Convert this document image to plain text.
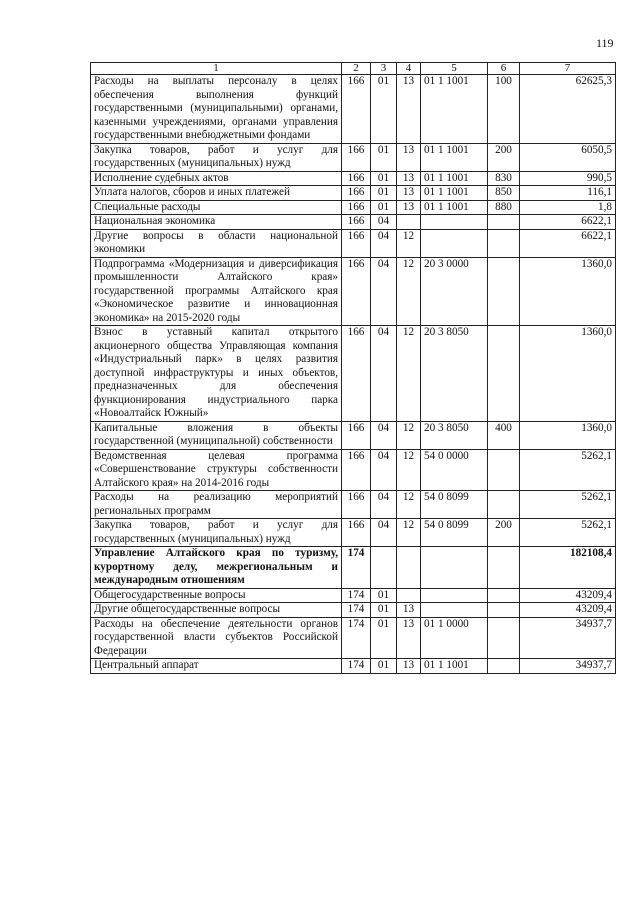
119
1	2	3	4	5	6	7
Расходы на выплаты персоналу в целях обеспечения выполнения функций государственными (муниципальными) органами, казенными учреждениями, органами управления государственными внебюджетными фондами	166	01	13	01 1 1001	100	62625,3
Закупка товаров, работ и услуг для государственных (муниципальных) нужд	166	01	13	01 1 1001	200	6050,5
Исполнение судебных актов	166	01	13	01 1 1001	830	990,5
Уплата налогов, сборов и иных платежей	166	01	13	01 1 1001	850	116,1
Специальные расходы	166	01	13	01 1 1001	880	1,8
Национальная экономика	166	04				6622,1
Другие вопросы в области национальной экономики	166	04	12			6622,1
Подпрограмма «Модернизация и диверсификация промышленности Алтайского края» государственной программы Алтайского края «Экономическое развитие и инновационная экономика» на 2015-2020 годы	166	04	12	20 3 0000		1360,0
Взнос в уставный капитал открытого акционерного общества Управляющая компания «Индустриальный парк» в целях развития доступной инфраструктуры и иных объектов, предназначенных для обеспечения функционирования индустриального парка «Новоалтайск Южный»	166	04	12	20 3 8050		1360,0
Капитальные вложения в объекты государственной (муниципальной) собственности	166	04	12	20 3 8050	400	1360,0
Ведомственная целевая программа «Совершенствование структуры собственности Алтайского края» на 2014-2016 годы	166	04	12	54 0 0000		5262,1
Расходы на реализацию мероприятий региональных программ	166	04	12	54 0 8099		5262,1
Закупка товаров, работ и услуг для государственных (муниципальных) нужд	166	04	12	54 0 8099	200	5262,1
Управление Алтайского края по туризму, курортному делу, межрегиональным и международным отношениям	174					182108,4
Общегосударственные вопросы	174	01				43209,4
Другие общегосударственные вопросы	174	01	13			43209,4
Расходы на обеспечение деятельности органов государственной власти субъектов Российской Федерации	174	01	13	01 1 0000		34937,7
Центральный аппарат	174	01	13	01 1 1001		34937,7
